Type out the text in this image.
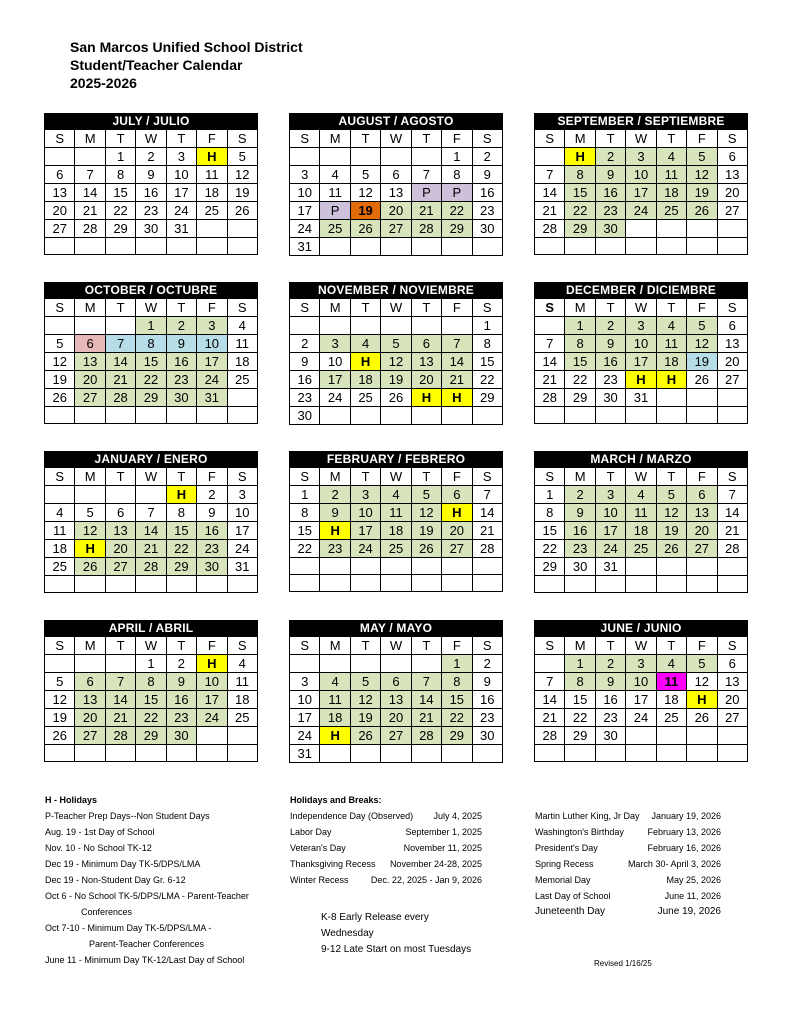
San Marcos Unified School District
Student/Teacher Calendar
2025-2026
JULY / JULIO
S	M	T	W	T	F	S
		1	2	3	H	5
6	7	8	9	10	11	12
13	14	15	16	17	18	19
20	21	22	23	24	25	26
27	28	29	30	31		

AUGUST / AGOSTO
S	M	T	W	T	F	S
					1	2
3	4	5	6	7	8	9
10	11	12	13	P	P	16
17	P	19	20	21	22	23
24	25	26	27	28	29	30
31						
SEPTEMBER / SEPTIEMBRE
S	M	T	W	T	F	S
	H	2	3	4	5	6
7	8	9	10	11	12	13
14	15	16	17	18	19	20
21	22	23	24	25	26	27
28	29	30				

OCTOBER / OCTUBRE
S	M	T	W	T	F	S
			1	2	3	4
5	6	7	8	9	10	11
12	13	14	15	16	17	18
19	20	21	22	23	24	25
26	27	28	29	30	31	

NOVEMBER / NOVIEMBRE
S	M	T	W	T	F	S
						1
2	3	4	5	6	7	8
9	10	H	12	13	14	15
16	17	18	19	20	21	22
23	24	25	26	H	H	29
30						
DECEMBER / DICIEMBRE
S	M	T	W	T	F	S
	1	2	3	4	5	6
7	8	9	10	11	12	13
14	15	16	17	18	19	20
21	22	23	H	H	26	27
28	29	30	31			

JANUARY / ENERO
S	M	T	W	T	F	S
				H	2	3
4	5	6	7	8	9	10
11	12	13	14	15	16	17
18	H	20	21	22	23	24
25	26	27	28	29	30	31

FEBRUARY / FEBRERO
S	M	T	W	T	F	S
1	2	3	4	5	6	7
8	9	10	11	12	H	14
15	H	17	18	19	20	21
22	23	24	25	26	27	28

MARCH / MARZO
S	M	T	W	T	F	S
1	2	3	4	5	6	7
8	9	10	11	12	13	14
15	16	17	18	19	20	21
22	23	24	25	26	27	28
29	30	31				

APRIL / ABRIL
S	M	T	W	T	F	S
			1	2	H	4
5	6	7	8	9	10	11
12	13	14	15	16	17	18
19	20	21	22	23	24	25
26	27	28	29	30		

MAY / MAYO
S	M	T	W	T	F	S
					1	2
3	4	5	6	7	8	9
10	11	12	13	14	15	16
17	18	19	20	21	22	23
24	H	26	27	28	29	30
31						
JUNE / JUNIO
S	M	T	W	T	F	S
	1	2	3	4	5	6
7	8	9	10	11	12	13
14	15	16	17	18	H	20
21	22	23	24	25	26	27
28	29	30				

H - Holidays
P-Teacher Prep Days--Non Student Days
Aug. 19 - 1st Day of School
Nov. 10 - No School TK-12
Dec 19 - Minimum Day TK-5/DPS/LMA
Dec 19 - Non-Student Day Gr. 6-12
Oct 6 - No School TK-5/DPS/LMA - Parent-Teacher
Conferences
Oct 7-10 - Minimum Day TK-5/DPS/LMA -
Parent-Teacher Conferences
June 11 - Minimum Day TK-12/Last Day of School
Holidays and Breaks:
Independence Day (Observed) July 4, 2025
Labor Day	September 1, 2025
Veteran's Day	November 11, 2025
Thanksgiving Recess November 24-28, 2025
Winter Recess Dec. 22, 2025 - Jan 9, 2026
K-8 Early Release every Wednesday
9-12 Late Start on most Tuesdays
Martin Luther King, Jr Day January 19, 2026
Washington's Birthday	February 13, 2026
President's Day	February 16, 2026
Spring Recess	March 30- April 3, 2026
Memorial Day	May 25, 2026
Last Day of School	June 11, 2026
Juneteenth Day	June 19, 2026
Revised 1/16/25
